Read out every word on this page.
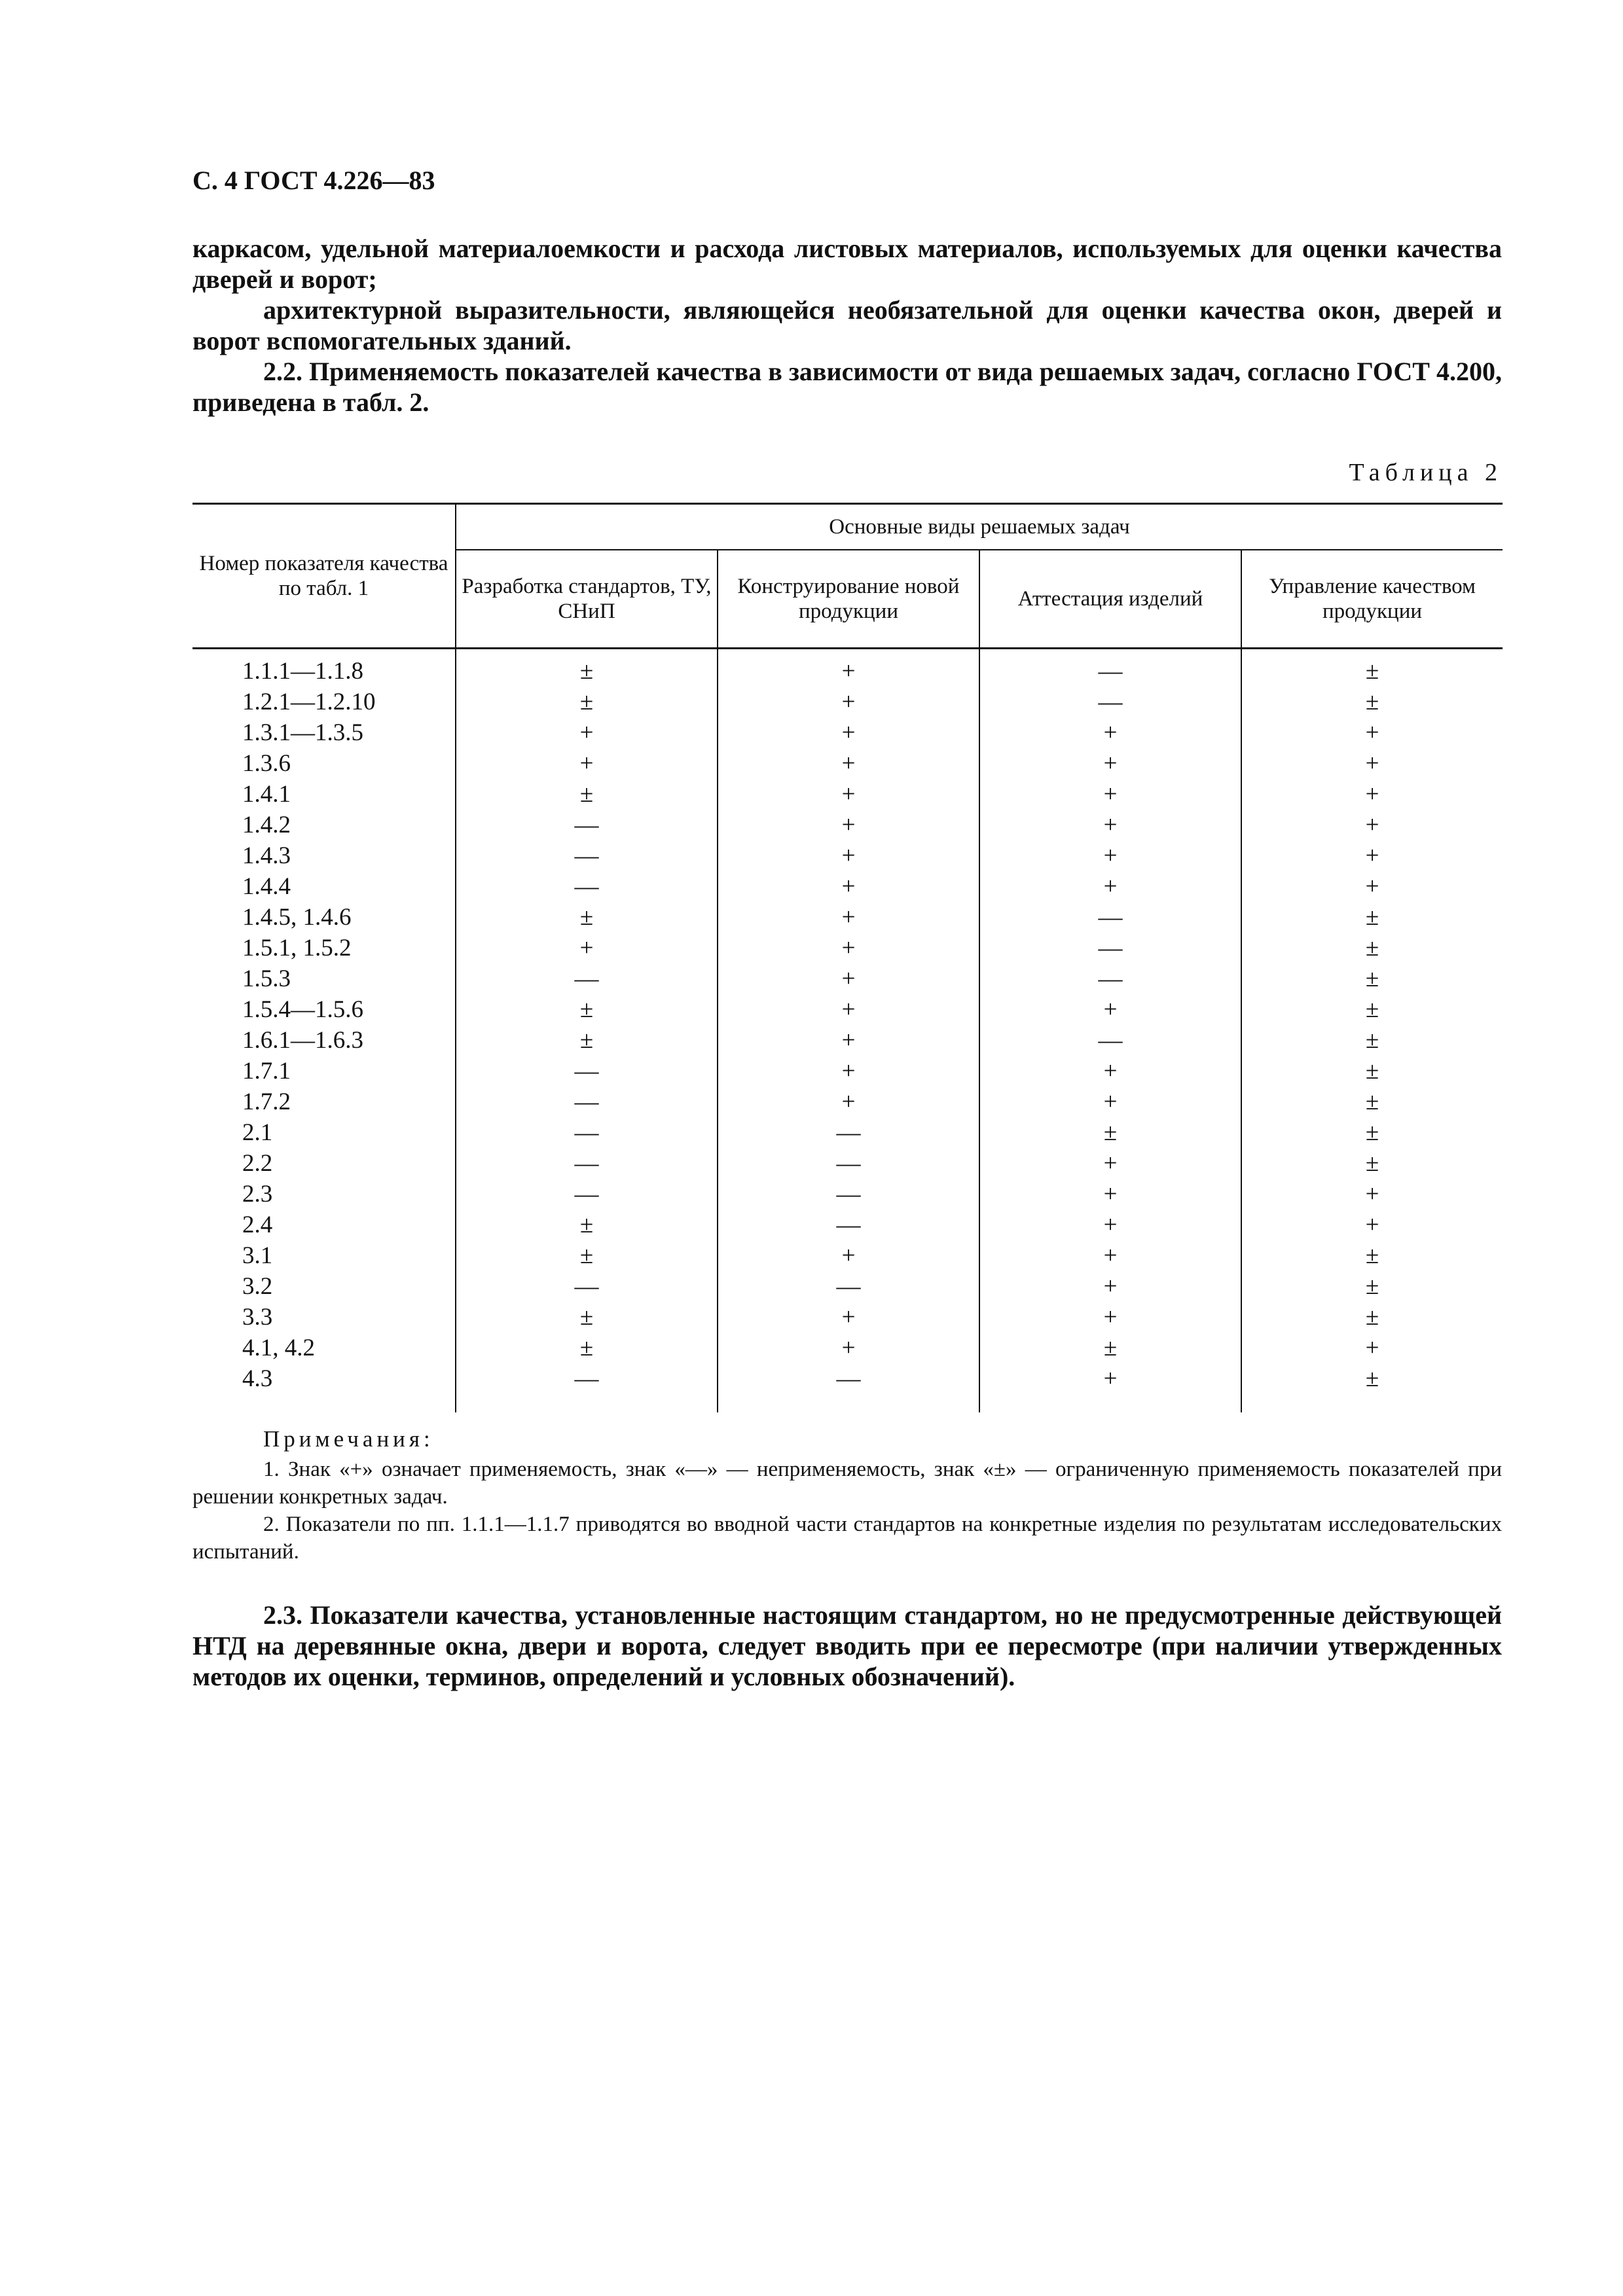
С. 4 ГОСТ 4.226—83

каркасом, удельной материалоемкости и расхода листовых материалов, используемых для оценки качества дверей и ворот;

архитектурной выразительности, являющейся необязательной для оценки качества окон, дверей и ворот вспомогательных зданий.

2.2. Применяемость показателей качества в зависимости от вида решаемых задач, согласно ГОСТ 4.200, приведена в табл. 2.

Таблица 2
Номер показателя качества по табл. 1	Основные виды решаемых задач			
	Разработка стандартов, ТУ, СНиП	Конструирование новой продукции	Аттестация изделий	Управление качеством продукции
1.1.1—1.1.8	±	+	—	±
1.2.1—1.2.10	±	+	—	±
1.3.1—1.3.5	+	+	+	+
1.3.6	+	+	+	+
1.4.1	±	+	+	+
1.4.2	—	+	+	+
1.4.3	—	+	+	+
1.4.4	—	+	+	+
1.4.5, 1.4.6	±	+	—	±
1.5.1, 1.5.2	+	+	—	±
1.5.3	—	+	—	±
1.5.4—1.5.6	±	+	+	±
1.6.1—1.6.3	±	+	—	±
1.7.1	—	+	+	±
1.7.2	—	+	+	±
2.1	—	—	±	±
2.2	—	—	+	±
2.3	—	—	+	+
2.4	±	—	+	+
3.1	±	+	+	±
3.2	—	—	+	±
3.3	±	+	+	±
4.1, 4.2	±	+	±	+
4.3	—	—	+	±

Примечания:

1. Знак «+» означает применяемость, знак «—» — неприменяемость, знак «±» — ограниченную применяемость показателей при решении конкретных задач.

2. Показатели по пп. 1.1.1—1.1.7 приводятся во вводной части стандартов на конкретные изделия по результатам исследовательских испытаний.

2.3. Показатели качества, установленные настоящим стандартом, но не предусмотренные действующей НТД на деревянные окна, двери и ворота, следует вводить при ее пересмотре (при наличии утвержденных методов их оценки, терминов, определений и условных обозначений).
